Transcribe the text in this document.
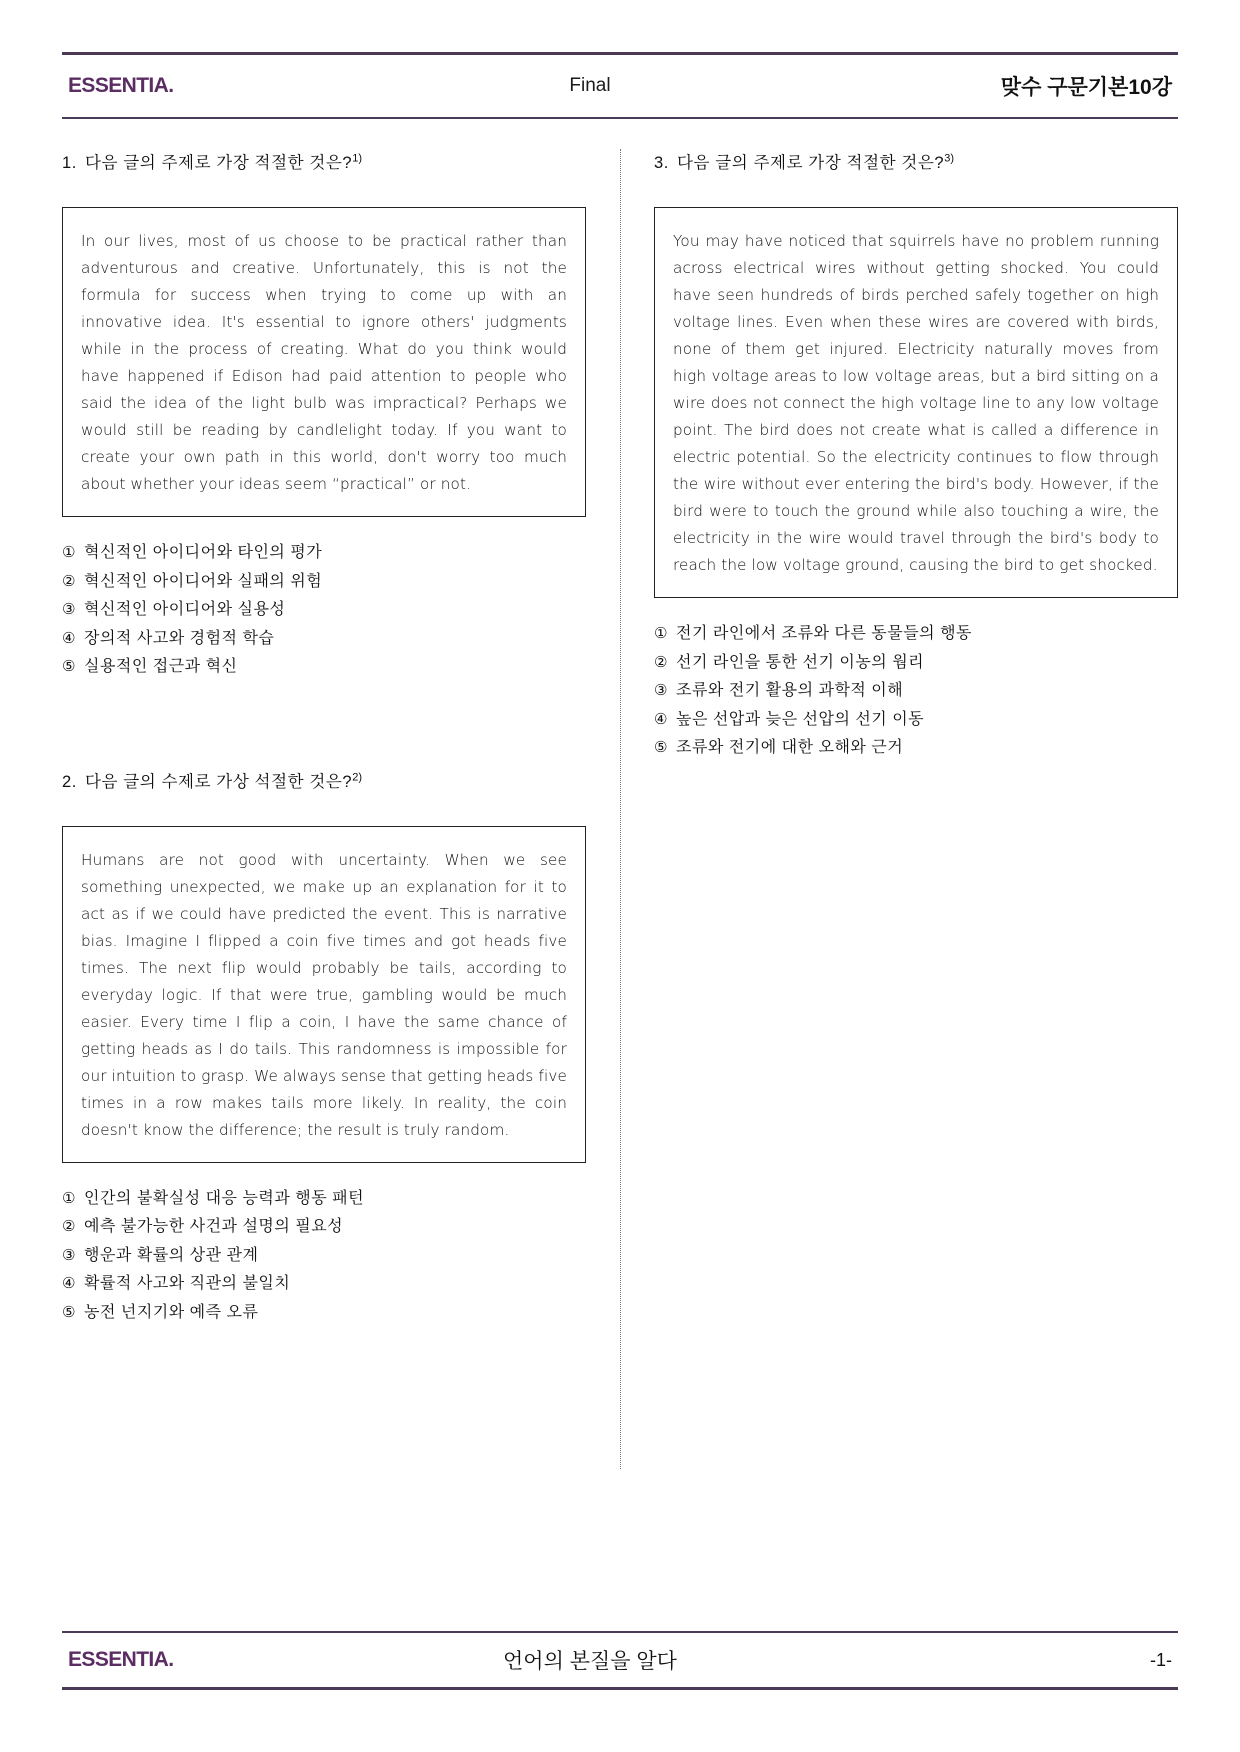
ESSENTIA.	Final	맞수 구문기본10강
1. 다음 글의 주제로 가장 적절한 것은?$^{1)}$

In our lives, most of us choose to be practical rather than adventurous and creative. Unfortunately, this is not the formula for success when trying to come up with an innovative idea. It's essential to ignore others' judgments while in the process of creating. What do you think would have happened if Edison had paid attention to people who said the idea of the light bulb was impractical? Perhaps we would still be reading by candlelight today. If you want to create your own path in this world, don't worry too much about whether your ideas seem “practical” or not.

① 혁신적인 아이디어와 타인의 평가
② 혁신적인 아이디어와 실패의 위험
③ 혁신적인 아이디어와 실용성
④ 장의적 사고와 경험적 학습
⑤ 실용적인 접근과 혁신
2. 다음 글의 수제로 가상 석절한 것은?$^{2)}$

Humans are not good with uncertainty. When we see something unexpected, we make up an explanation for it to act as if we could have predicted the event. This is narrative bias. Imagine I flipped a coin five times and got heads five times. The next flip would probably be tails, according to everyday logic. If that were true, gambling would be much easier. Every time I flip a coin, I have the same chance of getting heads as I do tails. This randomness is impossible for our intuition to grasp. We always sense that getting heads five times in a row makes tails more likely. In reality, the coin doesn't know the difference; the result is truly random.

① 인간의 불확실성 대응 능력과 행동 패턴
② 예측 불가능한 사건과 설명의 필요성
③ 행운과 확률의 상관 관계
④ 확률적 사고와 직관의 불일치
⑤ 농전 넌지기와 예즉 오류
3. 다음 글의 주제로 가장 적절한 것은?$^{3)}$

You may have noticed that squirrels have no problem running across electrical wires without getting shocked. You could have seen hundreds of birds perched safely together on high voltage lines. Even when these wires are covered with birds, none of them get injured. Electricity naturally moves from high voltage areas to low voltage areas, but a bird sitting on a wire does not connect the high voltage line to any low voltage point. The bird does not create what is called a difference in electric potential. So the electricity continues to flow through the wire without ever entering the bird's body. However, if the bird were to touch the ground while also touching a wire, the electricity in the wire would travel through the bird's body to reach the low voltage ground, causing the bird to get shocked.

① 전기 라인에서 조류와 다른 동물들의 행동
② 선기 라인을 통한 선기 이농의 웜리
③ 조류와 전기 활용의 과학적 이해
④ 높은 선압과 늦은 선압의 선기 이동
⑤ 조류와 전기에 대한 오해와 근거
ESSENTIA.	언어의 본질을 알다	-1-
